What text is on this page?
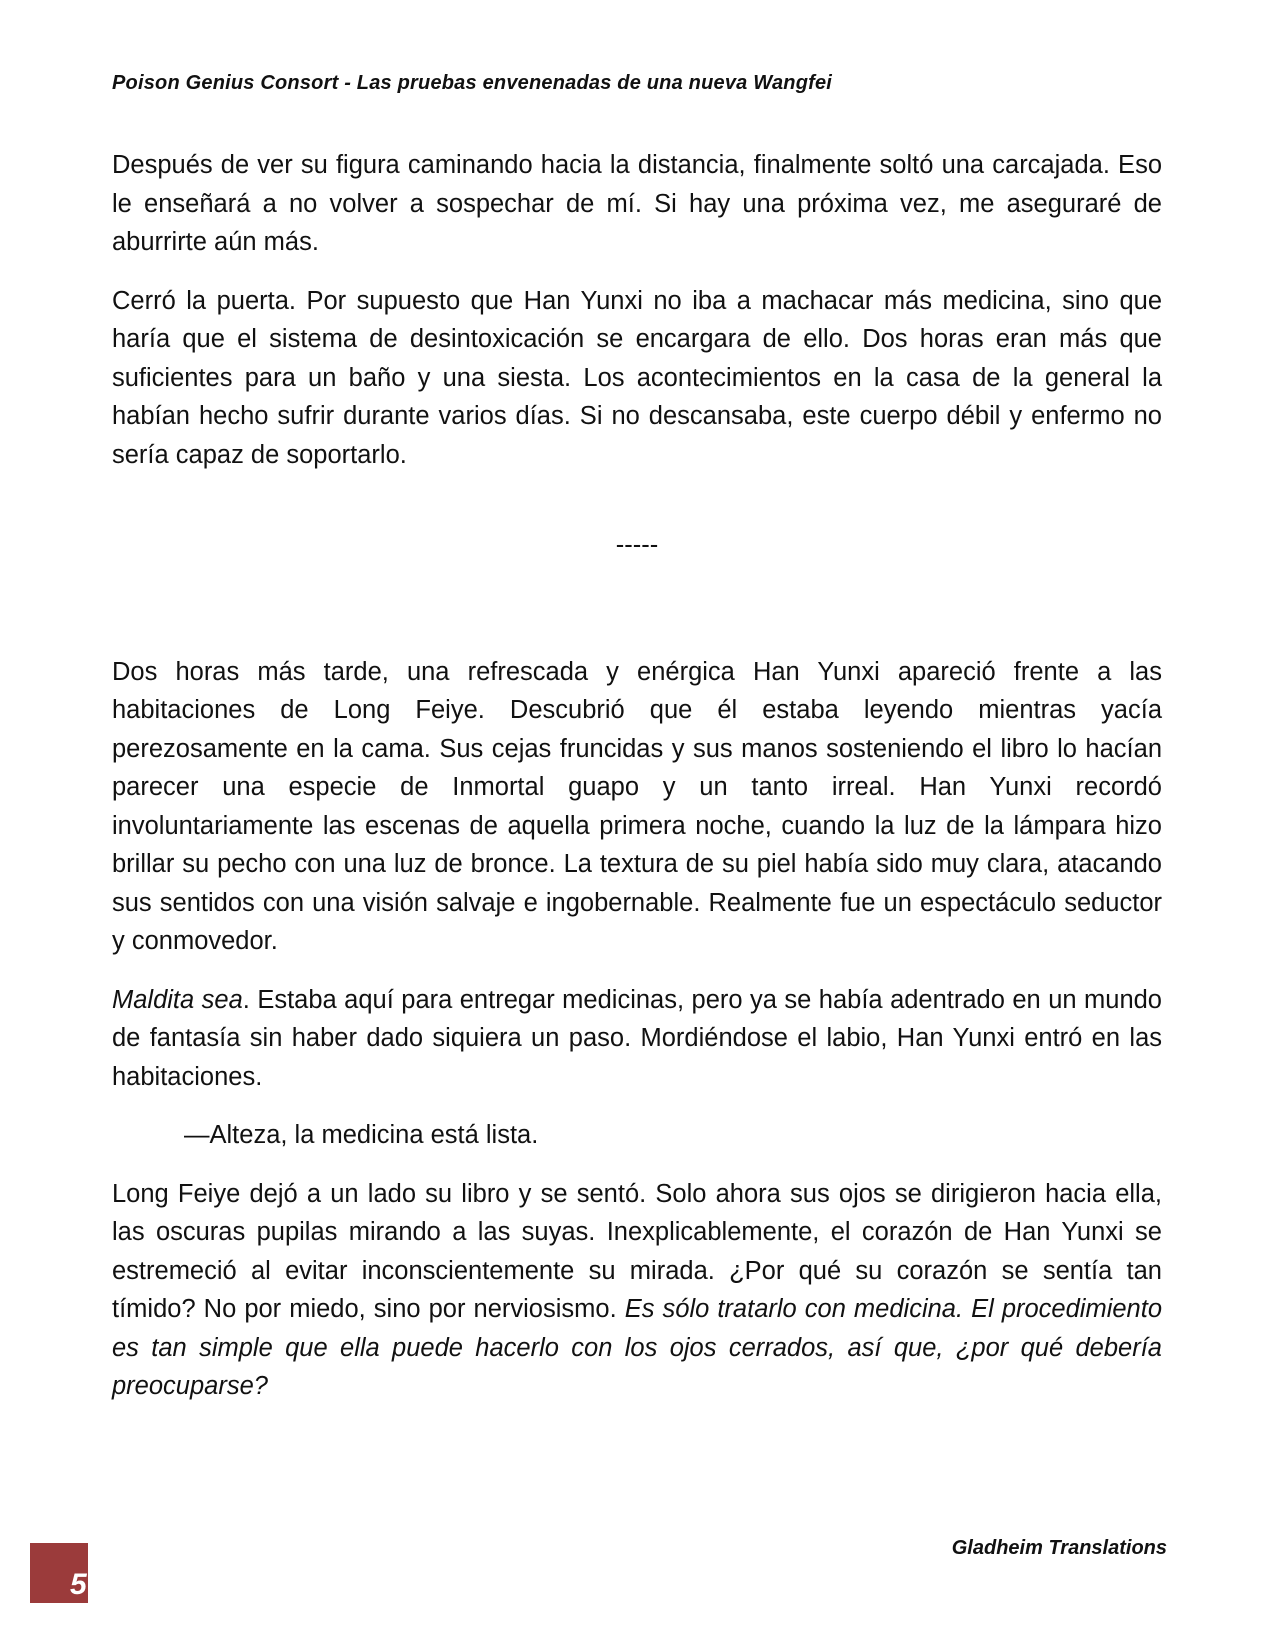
Poison Genius Consort - Las pruebas envenenadas de una nueva Wangfei

Después de ver su figura caminando hacia la distancia, finalmente soltó una carcajada. Eso le enseñará a no volver a sospechar de mí. Si hay una próxima vez, me aseguraré de aburrirte aún más.

Cerró la puerta. Por supuesto que Han Yunxi no iba a machacar más medicina, sino que haría que el sistema de desintoxicación se encargara de ello. Dos horas eran más que suficientes para un baño y una siesta. Los acontecimientos en la casa de la general la habían hecho sufrir durante varios días. Si no descansaba, este cuerpo débil y enfermo no sería capaz de soportarlo.

-----

Dos horas más tarde, una refrescada y enérgica Han Yunxi apareció frente a las habitaciones de Long Feiye. Descubrió que él estaba leyendo mientras yacía perezosamente en la cama. Sus cejas fruncidas y sus manos sosteniendo el libro lo hacían parecer una especie de Inmortal guapo y un tanto irreal. Han Yunxi recordó involuntariamente las escenas de aquella primera noche, cuando la luz de la lámpara hizo brillar su pecho con una luz de bronce. La textura de su piel había sido muy clara, atacando sus sentidos con una visión salvaje e ingobernable. Realmente fue un espectáculo seductor y conmovedor.

Maldita sea. Estaba aquí para entregar medicinas, pero ya se había adentrado en un mundo de fantasía sin haber dado siquiera un paso. Mordiéndose el labio, Han Yunxi entró en las habitaciones.

—Alteza, la medicina está lista.

Long Feiye dejó a un lado su libro y se sentó. Solo ahora sus ojos se dirigieron hacia ella, las oscuras pupilas mirando a las suyas. Inexplicablemente, el corazón de Han Yunxi se estremeció al evitar inconscientemente su mirada. ¿Por qué su corazón se sentía tan tímido? No por miedo, sino por nerviosismo. Es sólo tratarlo con medicina. El procedimiento es tan simple que ella puede hacerlo con los ojos cerrados, así que, ¿por qué debería preocuparse?

5
Gladheim Translations
